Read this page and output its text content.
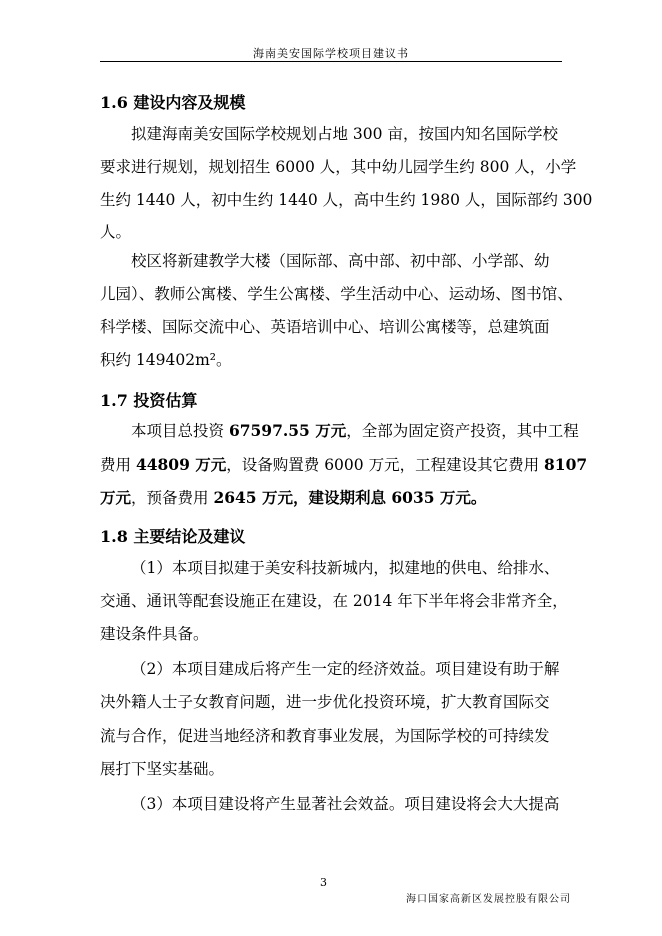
海南美安国际学校项目建议书
1.6 建设内容及规模
拟建海南美安国际学校规划占地 300 亩，按国内知名国际学校
要求进行规划，规划招生 6000 人，其中幼儿园学生约 800 人，小学
生约 1440 人，初中生约 1440 人，高中生约 1980 人，国际部约 300
人。
校区将新建教学大楼（国际部、高中部、初中部、小学部、幼
儿园）、教师公寓楼、学生公寓楼、学生活动中心、运动场、图书馆、
科学楼、国际交流中心、英语培训中心、培训公寓楼等，总建筑面
积约 149402m²。
1.7 投资估算
本项目总投资 67597.55 万元，全部为固定资产投资，其中工程
费用 44809 万元，设备购置费 6000 万元，工程建设其它费用 8107
万元，预备费用 2645 万元，建设期利息 6035 万元。
1.8 主要结论及建议
（1）本项目拟建于美安科技新城内，拟建地的供电、给排水、
交通、通讯等配套设施正在建设，在 2014 年下半年将会非常齐全，
建设条件具备。
（2）本项目建成后将产生一定的经济效益。项目建设有助于解
决外籍人士子女教育问题，进一步优化投资环境，扩大教育国际交
流与合作，促进当地经济和教育事业发展，为国际学校的可持续发
展打下坚实基础。
（3）本项目建设将产生显著社会效益。项目建设将会大大提高
3
海口国家高新区发展控股有限公司
